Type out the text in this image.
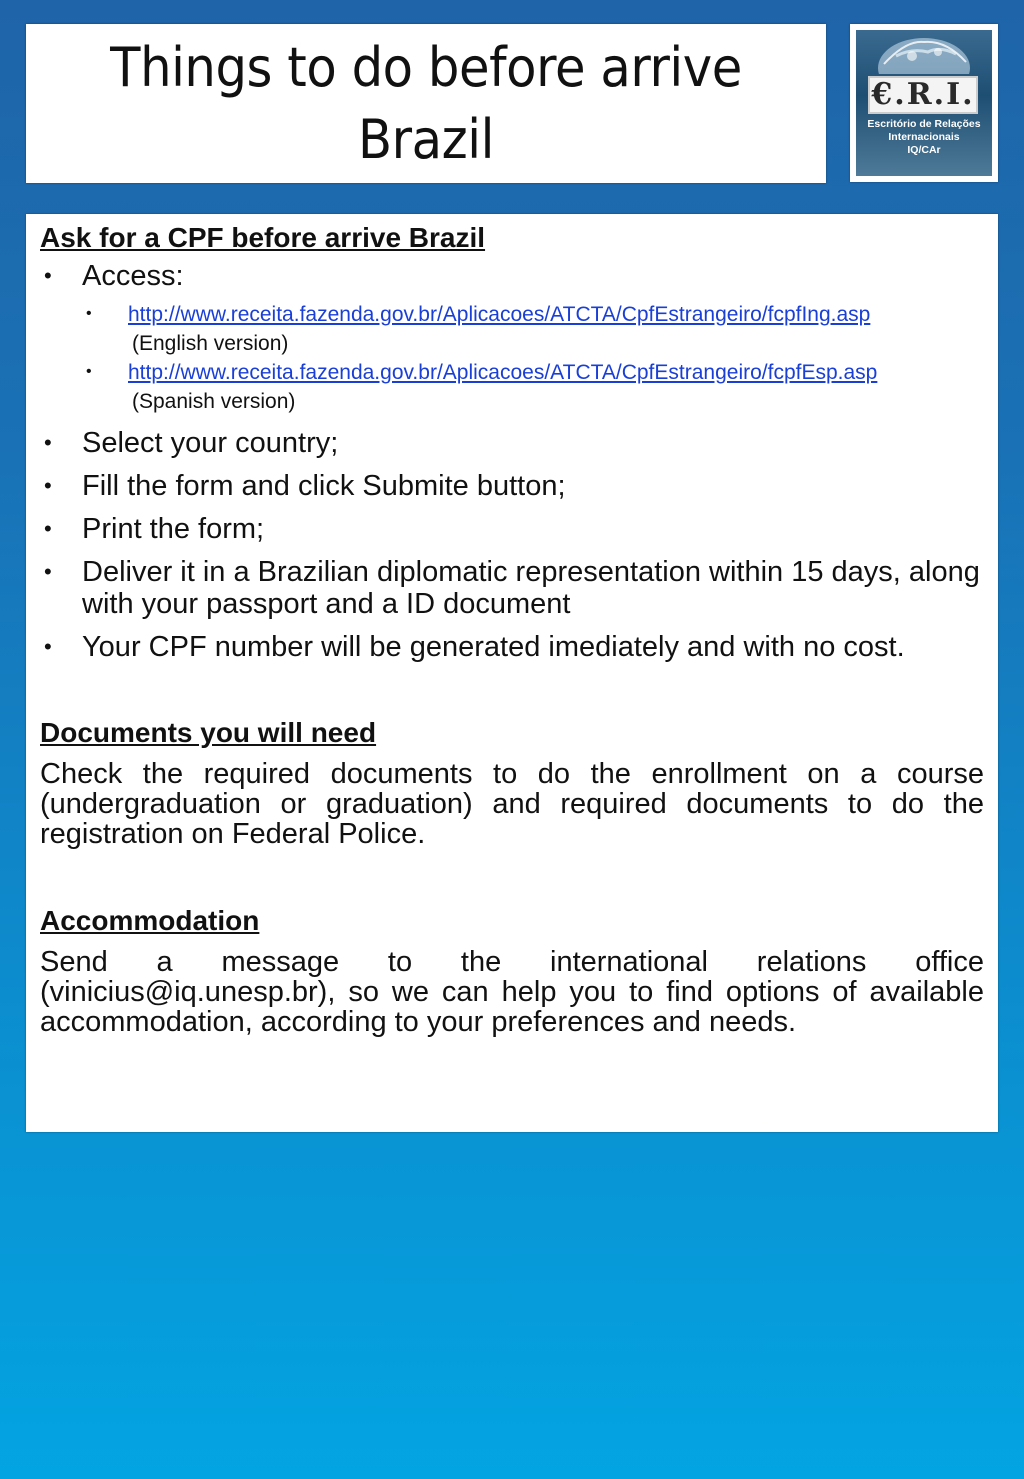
Things to do before arrive Brazil
€.R.I.
Escritório de Relações
Internacionais
IQ/CAr
Ask for a CPF before arrive Brazil
• Access:
• http://www.receita.fazenda.gov.br/Aplicacoes/ATCTA/CpfEstrangeiro/fcpfIng.asp
(English version)
• http://www.receita.fazenda.gov.br/Aplicacoes/ATCTA/CpfEstrangeiro/fcpfEsp.asp
(Spanish version)
• Select your country;
• Fill the form and click Submite button;
• Print the form;
• Deliver it in a Brazilian diplomatic representation within 15 days, along with your passport and a ID document
• Your CPF number will be generated imediately and with no cost.
Documents you will need

Check the required documents to do the enrollment on a course (undergraduation or graduation) and required documents to do the registration on Federal Police.

Accommodation

Send a message to the international relations office (vinicius@iq.unesp.br), so we can help you to find options of available accommodation, according to your preferences and needs.
